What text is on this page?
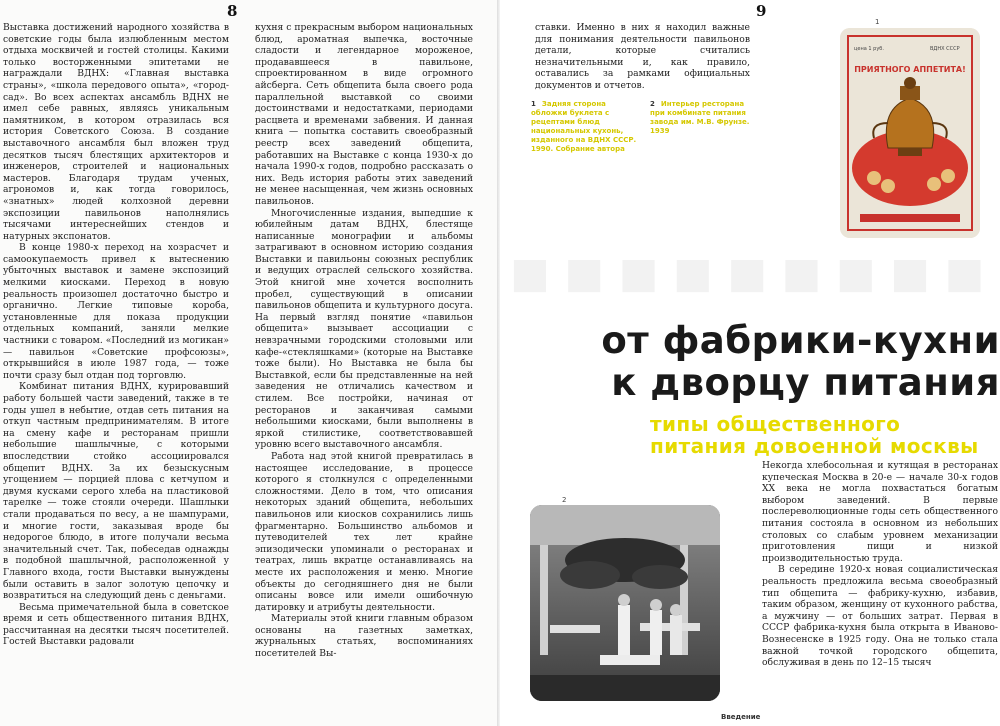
8

Выставка достижений народного хозяйства в советские годы была излюбленным местом отдыха москвичей и гостей столицы. Какими только восторженными эпитетами не награждали ВДНХ: «Главная выставка страны», «школа передового опыта», «город-сад». Во всех аспектах ансамбль ВДНХ не имел себе равных, являясь уникальным памятником, в котором отразилась вся история Советского Союза. В создание выставочного ансамбля был вложен труд десятков тысяч блестящих архитекторов и инженеров, строителей и национальных мастеров. Благодаря трудам ученых, агрономов и, как тогда говорилось, «знатных» людей колхозной деревни экспозиции павильонов наполнялись тысячами интереснейших стендов и натурных экспонатов.

В конце 1980-х переход на хозрасчет и самоокупаемость привел к вытеснению убыточных выставок и замене экспозиций мелкими киосками. Переход в новую реальность произошел достаточно быстро и органично. Легкие типовые короба, установленные для показа продукции отдельных компаний, заняли мелкие частники с товаром. «Последний из могикан» — павильон «Советские профсоюзы», открывшийся в июле 1987 года, — тоже почти сразу был отдан под торговлю.

Комбинат питания ВДНХ, курировавший работу большей части заведений, также в те годы ушел в небытие, отдав сеть питания на откуп частным предпринимателям. В итоге на смену кафе и ресторанам пришли небольшие шашлычные, с которыми впоследствии стойко ассоциировался общепит ВДНХ. За их безыскусным угощением — порцией плова с кетчупом и двумя кусками серого хлеба на пластиковой тарелке — тоже стояли очереди. Шашлыки стали продаваться по весу, а не шампурами, и многие гости, заказывая вроде бы недорогое блюдо, в итоге получали весьма значительный счет. Так, побеседав однажды в подобной шашлычной, расположенной у Главного входа, гости Выставки вынуждены были оставить в залог золотую цепочку и возвратиться на следующий день с деньгами.

Весьма примечательной была в советское время и сеть общественного питания ВДНХ, рассчитанная на десятки тысяч посетителей. Гостей Выставки радовали

кухня с прекрасным выбором национальных блюд, ароматная выпечка, восточные сладости и легендарное мороженое, продававшееся в павильоне, спроектированном в виде огромного айсберга. Сеть общепита была своего рода параллельной выставкой со своими достоинствами и недостатками, периодами расцвета и временами забвения. И данная книга — попытка составить своеобразный реестр всех заведений общепита, работавших на Выставке с конца 1930-х до начала 1990-х годов, подробно рассказать о них. Ведь история работы этих заведений не менее насыщенная, чем жизнь основных павильонов.

Многочисленные издания, выпедшие к юбилейным датам ВДНХ, блестяще написанные монографии и альбомы затрагивают в основном историю создания Выставки и павильоны союзных республик и ведущих отраслей сельского хозяйства. Этой книгой мне хочется восполнить пробел, существующий в описании павильонов общепита и культурного досуга. На первый взгляд понятие «павильон общепита» вызывает ассоциации с невзрачными городскими столовыми или кафе-«стекляшками» (которые на Выставке тоже были). Но Выставка не была бы Выставкой, если бы представленные на ней заведения не отличались качеством и стилем. Все постройки, начиная от ресторанов и заканчивая самыми небольшими киосками, были выполнены в яркой стилистике, соответствовавшей уровню всего выставочного ансамбля.

Работа над этой книгой превратилась в настоящее исследование, в процессе которого я столкнулся с определенными сложностями. Дело в том, что описания некоторых зданий общепита, небольших павильонов или киосков сохранились лишь фрагментарно. Большинство альбомов и путеводителей тех лет крайне эпизодически упоминали о ресторанах и театрах, лишь вкратце останавливаясь на месте их расположения и меню. Многие объекты до сегодняшнего дня не были описаны вовсе или имели ошибочную датировку и атрибуты деятельности.

Материалы этой книги главным образом основаны на газетных заметках, журнальных статьях, воспоминаниях посетителей Вы-

9

ставки. Именно в них я находил важные для понимания деятельности павильонов детали, которые считались незначительными и, как правило, оставались за рамками официальных документов и отчетов.

1 Задняя сторона обложки буклета с рецептами блюд национальных кухонь, изданного на ВДНХ СССР. 1990. Собрание автора
2 Интерьер ресторана при комбинате питания завода им. М.В. Фрунзе. 1939
1
цена 1 руб.	ВДНХ СССР
ПРИЯТНОГО АППЕТИТА!
■ ■ ■ ■ ■ ■ ■ ■ ■
от фабрики-кухни
к дворцу питания
типы общественного
питания довоенной москвы
2

Некогда хлебосольная и кутящая в ресторанах купеческая Москва в 20-е — начале 30-х годов XX века не могла похвастаться богатым выбором заведений. В первые послереволюционные годы сеть общественного питания состояла в основном из небольших столовых со слабым уровнем механизации приготовления пищи и низкой производительностью труда.

В середине 1920-х новая социалистическая реальность предложила весьма своеобразный тип общепита — фабрику-кухню, избавив, таким образом, женщину от кухонного рабства, а мужчину — от больших затрат. Первая в СССР фабрика-кухня была открыта в Иваново-Вознесенске в 1925 году. Она не только стала важной точкой городского общепита, обслуживая в день по 12–15 тысяч

Введение
